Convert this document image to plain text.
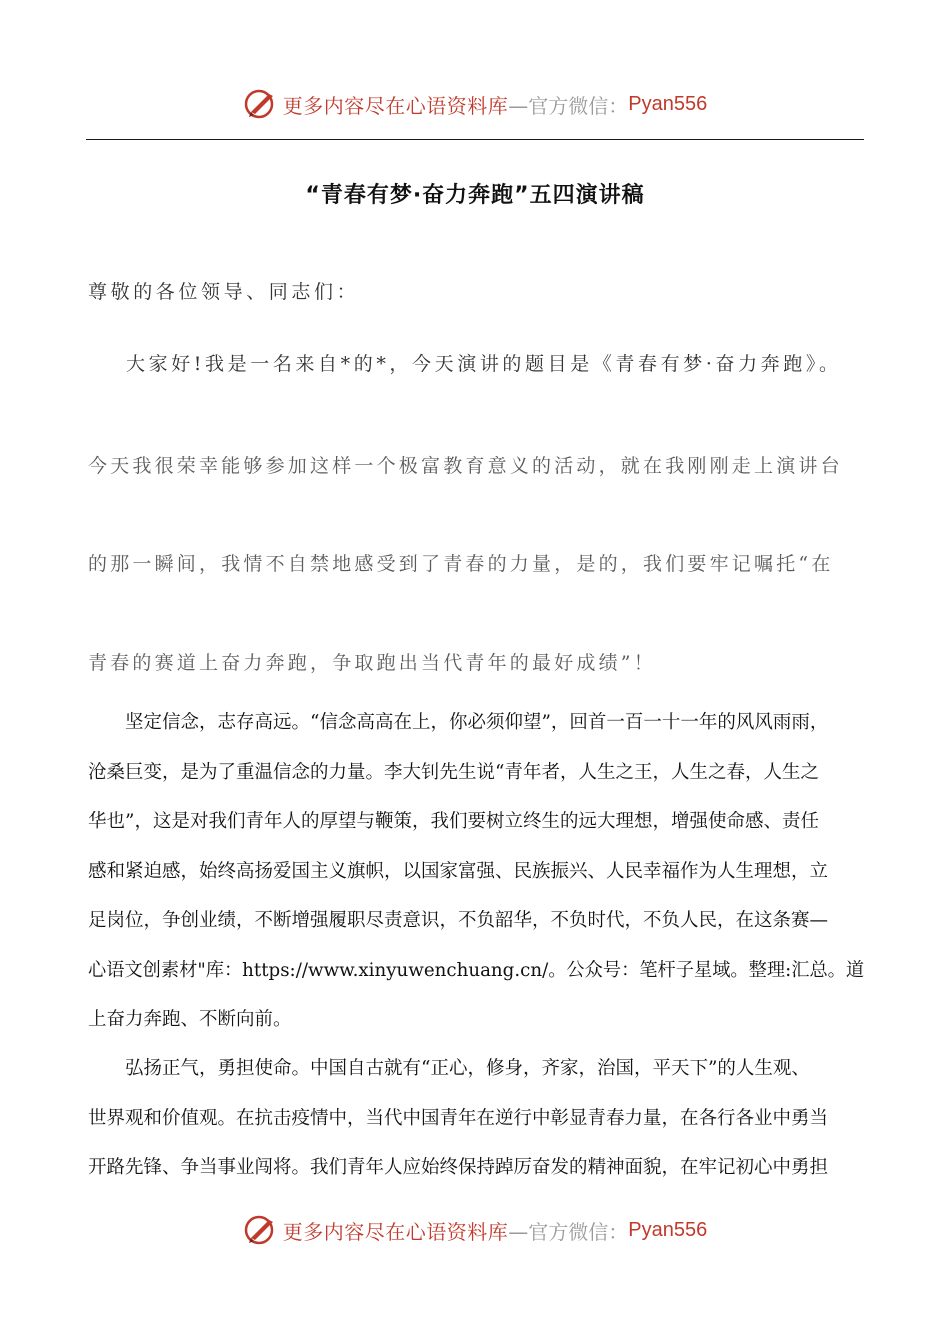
更多内容尽在心语资料库 —官方微信： Pyan556
“青春有梦·奋力奔跑”五四演讲稿
尊敬的各位领导、同志们：
大家好!我是一名来自*的*，今天演讲的题目是《青春有梦·奋力奔跑》。
今天我很荣幸能够参加这样一个极富教育意义的活动，就在我刚刚走上演讲台
的那一瞬间，我情不自禁地感受到了青春的力量，是的，我们要牢记嘱托“在
青春的赛道上奋力奔跑，争取跑出当代青年的最好成绩”！
坚定信念，志存高远。“信念高高在上，你必须仰望”，回首一百一十一年的风风雨雨，
沧桑巨变，是为了重温信念的力量。李大钊先生说“青年者，人生之王，人生之春，人生之
华也”，这是对我们青年人的厚望与鞭策，我们要树立终生的远大理想，增强使命感、责任
感和紧迫感，始终高扬爱国主义旗帜，以国家富强、民族振兴、人民幸福作为人生理想，立
足岗位，争创业绩，不断增强履职尽责意识，不负韶华，不负时代，不负人民，在这条赛—
心语文创素材"库：https://www.xinyuwenchuang.cn/。公众号：笔杆子星域。整理:汇总。道
上奋力奔跑、不断向前。
弘扬正气，勇担使命。中国自古就有“正心，修身，齐家，治国，平天下”的人生观、
世界观和价值观。在抗击疫情中，当代中国青年在逆行中彰显青春力量，在各行各业中勇当
开路先锋、争当事业闯将。我们青年人应始终保持踔厉奋发的精神面貌，在牢记初心中勇担
更多内容尽在心语资料库 —官方微信： Pyan556
